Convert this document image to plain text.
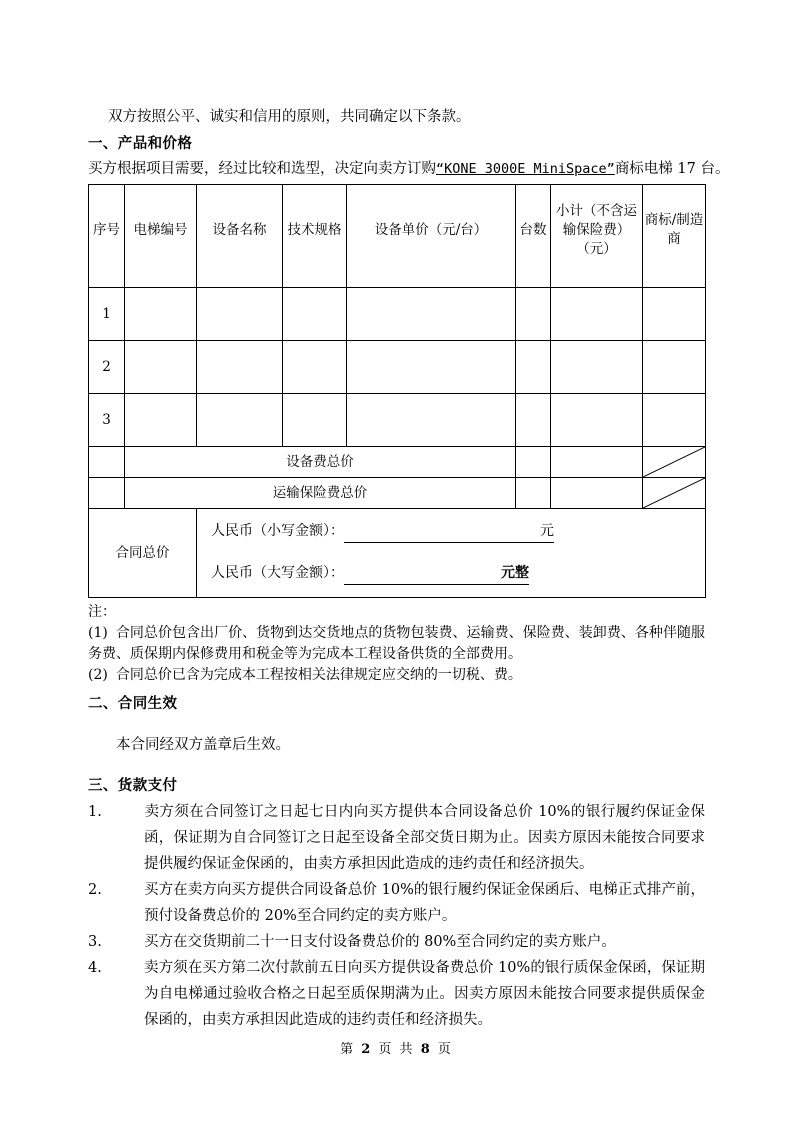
双方按照公平、诚实和信用的原则，共同确定以下条款。

一、产品和价格

买方根据项目需要，经过比较和选型，决定向卖方订购“KONE 3000E MiniSpace”商标电梯 17 台。

序号	电梯编号	设备名称	技术规格	设备单价（元/台）	台数	小计（不含运输保险费）（元）	商标/制造商

1							
2							
3							
	设备费总价			

	运输保险费总价			

合同总价		人民币（小写金额）： 元
人民币（大写金额）： 元整					
注：
(1) 合同总价包含出厂价、货物到达交货地点的货物包装费、运输费、保险费、装卸费、各种伴随服务费、质保期内保修费用和税金等为完成本工程设备供货的全部费用。
(2) 合同总价已含为完成本工程按相关法律规定应交纳的一切税、费。

二、合同生效

本合同经双方盖章后生效。

三、货款支付

1.	卖方须在合同签订之日起七日内向买方提供本合同设备总价 10%的银行履约保证金保函，保证期为自合同签订之日起至设备全部交货日期为止。因卖方原因未能按合同要求提供履约保证金保函的，由卖方承担因此造成的违约责任和经济损失。
2.	买方在卖方向买方提供合同设备总价 10%的银行履约保证金保函后、电梯正式排产前，预付设备费总价的 20%至合同约定的卖方账户。
3.	买方在交货期前二十一日支付设备费总价的 80%至合同约定的卖方账户。
4.	卖方须在买方第二次付款前五日向买方提供设备费总价 10%的银行质保金保函，保证期为自电梯通过验收合格之日起至质保期满为止。因卖方原因未能按合同要求提供质保金保函的，由卖方承担因此造成的违约责任和经济损失。
第 2 页 共 8 页
